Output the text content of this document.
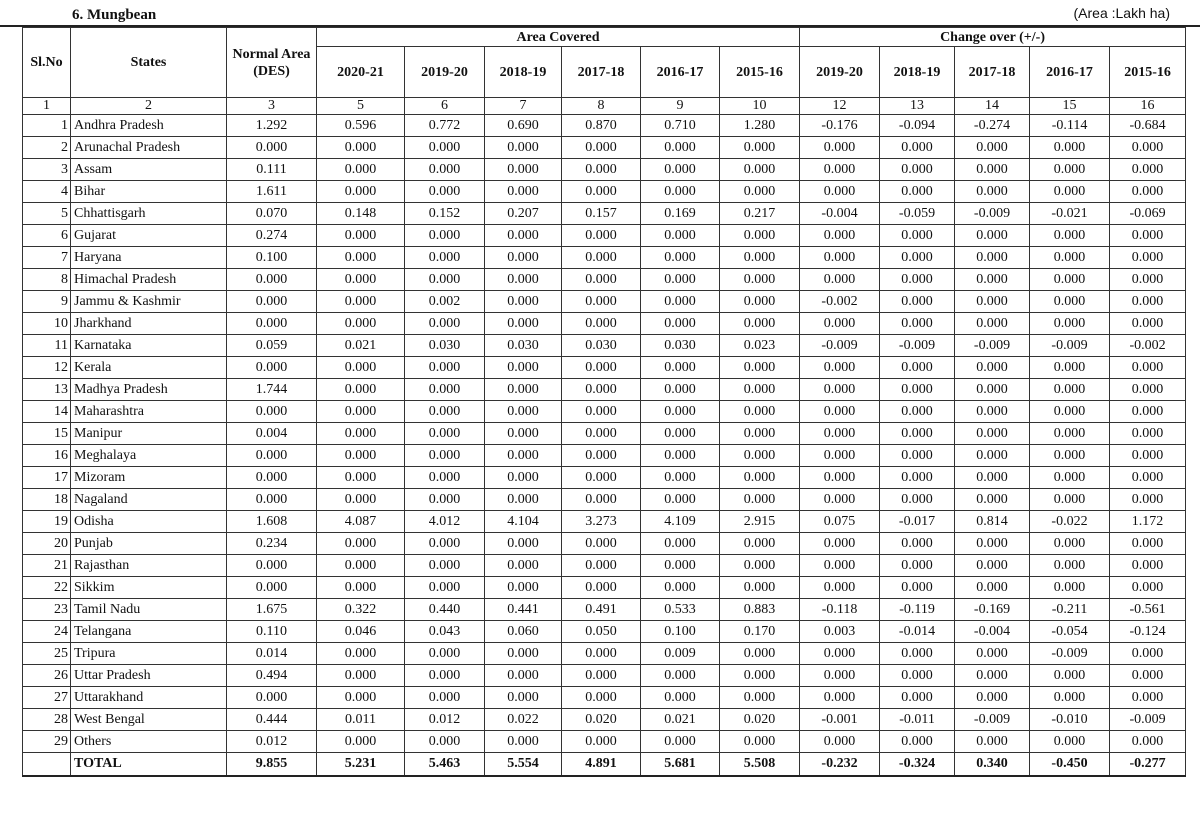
6. Mungbean	(Area :Lakh ha)
Sl.No	States	Normal Area (DES)	Area Covered						Change over (+/-)				
			2020-21	2019-20	2018-19	2017-18	2016-17	2015-16	2019-20	2018-19	2017-18	2016-17	2015-16
1	2	3	5	6	7	8	9	10	12	13	14	15	16
1	Andhra Pradesh	1.292	0.596	0.772	0.690	0.870	0.710	1.280	-0.176	-0.094	-0.274	-0.114	-0.684
2	Arunachal Pradesh	0.000	0.000	0.000	0.000	0.000	0.000	0.000	0.000	0.000	0.000	0.000	0.000
3	Assam	0.111	0.000	0.000	0.000	0.000	0.000	0.000	0.000	0.000	0.000	0.000	0.000
4	Bihar	1.611	0.000	0.000	0.000	0.000	0.000	0.000	0.000	0.000	0.000	0.000	0.000
5	Chhattisgarh	0.070	0.148	0.152	0.207	0.157	0.169	0.217	-0.004	-0.059	-0.009	-0.021	-0.069
6	Gujarat	0.274	0.000	0.000	0.000	0.000	0.000	0.000	0.000	0.000	0.000	0.000	0.000
7	Haryana	0.100	0.000	0.000	0.000	0.000	0.000	0.000	0.000	0.000	0.000	0.000	0.000
8	Himachal Pradesh	0.000	0.000	0.000	0.000	0.000	0.000	0.000	0.000	0.000	0.000	0.000	0.000
9	Jammu & Kashmir	0.000	0.000	0.002	0.000	0.000	0.000	0.000	-0.002	0.000	0.000	0.000	0.000
10	Jharkhand	0.000	0.000	0.000	0.000	0.000	0.000	0.000	0.000	0.000	0.000	0.000	0.000
11	Karnataka	0.059	0.021	0.030	0.030	0.030	0.030	0.023	-0.009	-0.009	-0.009	-0.009	-0.002
12	Kerala	0.000	0.000	0.000	0.000	0.000	0.000	0.000	0.000	0.000	0.000	0.000	0.000
13	Madhya Pradesh	1.744	0.000	0.000	0.000	0.000	0.000	0.000	0.000	0.000	0.000	0.000	0.000
14	Maharashtra	0.000	0.000	0.000	0.000	0.000	0.000	0.000	0.000	0.000	0.000	0.000	0.000
15	Manipur	0.004	0.000	0.000	0.000	0.000	0.000	0.000	0.000	0.000	0.000	0.000	0.000
16	Meghalaya	0.000	0.000	0.000	0.000	0.000	0.000	0.000	0.000	0.000	0.000	0.000	0.000
17	Mizoram	0.000	0.000	0.000	0.000	0.000	0.000	0.000	0.000	0.000	0.000	0.000	0.000
18	Nagaland	0.000	0.000	0.000	0.000	0.000	0.000	0.000	0.000	0.000	0.000	0.000	0.000
19	Odisha	1.608	4.087	4.012	4.104	3.273	4.109	2.915	0.075	-0.017	0.814	-0.022	1.172
20	Punjab	0.234	0.000	0.000	0.000	0.000	0.000	0.000	0.000	0.000	0.000	0.000	0.000
21	Rajasthan	0.000	0.000	0.000	0.000	0.000	0.000	0.000	0.000	0.000	0.000	0.000	0.000
22	Sikkim	0.000	0.000	0.000	0.000	0.000	0.000	0.000	0.000	0.000	0.000	0.000	0.000
23	Tamil Nadu	1.675	0.322	0.440	0.441	0.491	0.533	0.883	-0.118	-0.119	-0.169	-0.211	-0.561
24	Telangana	0.110	0.046	0.043	0.060	0.050	0.100	0.170	0.003	-0.014	-0.004	-0.054	-0.124
25	Tripura	0.014	0.000	0.000	0.000	0.000	0.009	0.000	0.000	0.000	0.000	-0.009	0.000
26	Uttar Pradesh	0.494	0.000	0.000	0.000	0.000	0.000	0.000	0.000	0.000	0.000	0.000	0.000
27	Uttarakhand	0.000	0.000	0.000	0.000	0.000	0.000	0.000	0.000	0.000	0.000	0.000	0.000
28	West Bengal	0.444	0.011	0.012	0.022	0.020	0.021	0.020	-0.001	-0.011	-0.009	-0.010	-0.009
29	Others	0.012	0.000	0.000	0.000	0.000	0.000	0.000	0.000	0.000	0.000	0.000	0.000
	TOTAL	9.855	5.231	5.463	5.554	4.891	5.681	5.508	-0.232	-0.324	0.340	-0.450	-0.277
